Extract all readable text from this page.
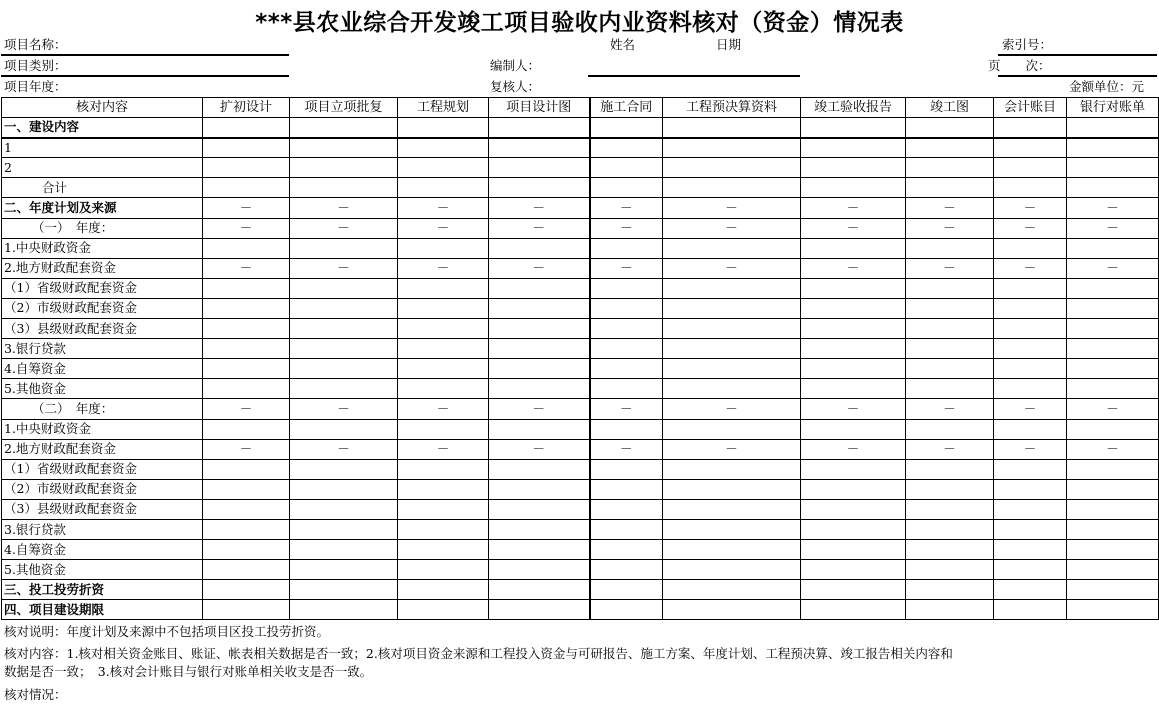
***县农业综合开发竣工项目验收内业资料核对（资金）情况表
项目名称：	姓名	日期	索引号：
项目类别：	编制人：	页　　次：
项目年度：	复核人：	金额单位：元
核对内容	扩初设计	项目立项批复	工程规划	项目设计图	施工合同	工程预决算资料	竣工验收报告	竣工图	会计账目	银行对账单
一、建设内容										
1										
2										
合计										
二、年度计划及来源	－	－	－	－	－	－	－	－	－	－
（一）　年度：	－	－	－	－	－	－	－	－	－	－
1.中央财政资金										
2.地方财政配套资金	－	－	－	－	－	－	－	－	－	－
（1）省级财政配套资金										
（2）市级财政配套资金										
（3）县级财政配套资金										
3.银行贷款										
4.自筹资金										
5.其他资金										
（二）　年度：	－	－	－	－	－	－	－	－	－	－
1.中央财政资金										
2.地方财政配套资金	－	－	－	－	－	－	－	－	－	－
（1）省级财政配套资金										
（2）市级财政配套资金										
（3）县级财政配套资金										
3.银行贷款										
4.自筹资金										
5.其他资金										
三、投工投劳折资										
四、项目建设期限										
核对说明：年度计划及来源中不包括项目区投工投劳折资。
核对内容：1.核对相关资金账目、账证、帐表相关数据是否一致；2.核对项目资金来源和工程投入资金与可研报告、施工方案、年度计划、工程预决算、竣工报告相关内容和
数据是否一致；　3.核对会计账目与银行对账单相关收支是否一致。
核对情况：
